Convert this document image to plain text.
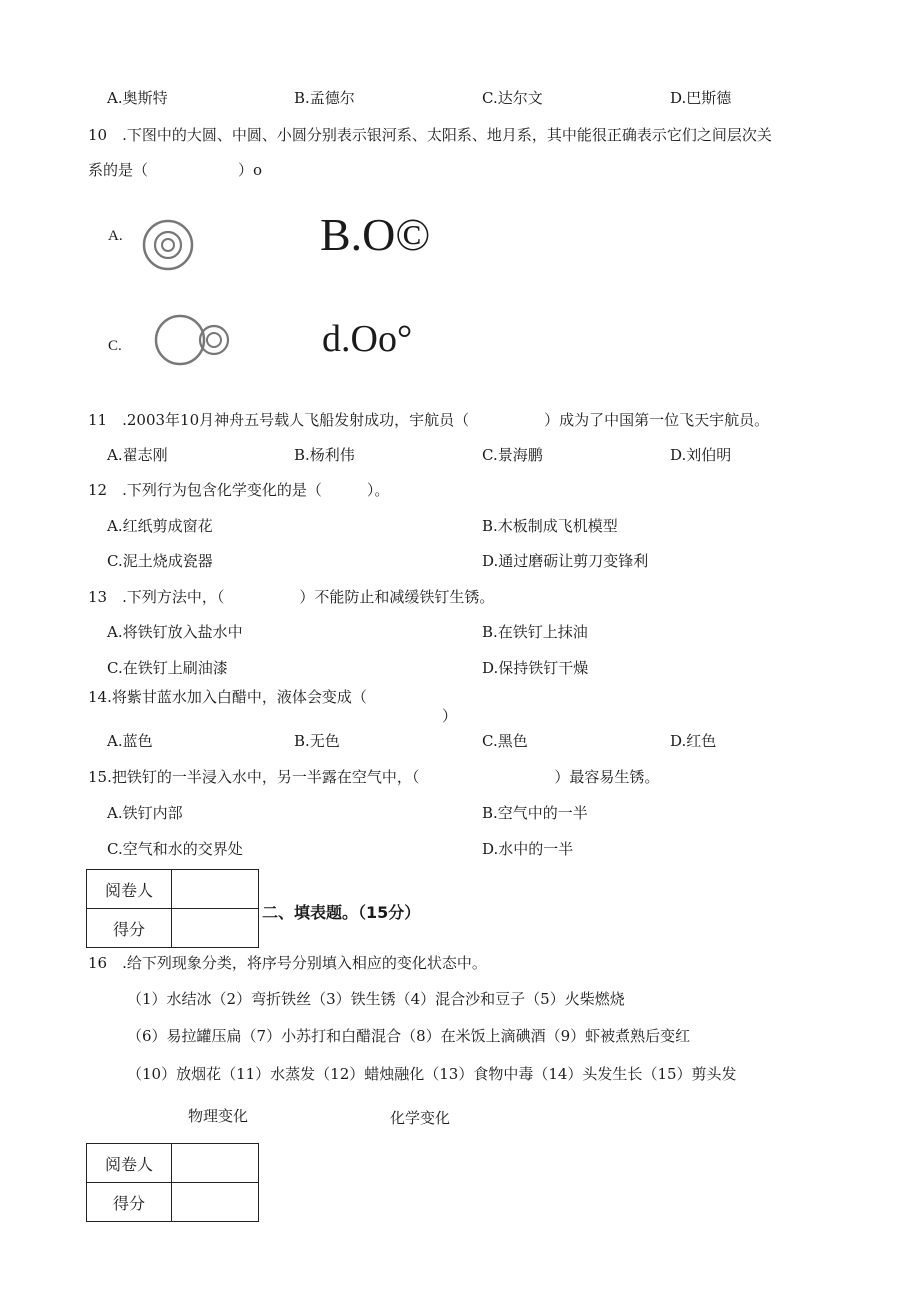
A.奥斯特	B.孟德尔	C.达尔文	D.巴斯德
10　.下图中的大圆、中圆、小圆分别表示银河系、太阳系、地月系，其中能很正确表示它们之间层次关
系的是（　　　　　　）o
A.	B.O©
C.	d.Oo°
11　.2003年10月神舟五号载人飞船发射成功，宇航员（　　　　　）成为了中国第一位飞天宇航员。
A.翟志刚	B.杨利伟	C.景海鹏	D.刘伯明
12　.下列行为包含化学变化的是（　　　）。
A.红纸剪成窗花	B.木板制成飞机模型
C.泥土烧成瓷器	D.通过磨砺让剪刀变锋利
13　.下列方法中，（　　　　　）不能防止和减缓铁钉生锈。
A.将铁钉放入盐水中	B.在铁钉上抹油
C.在铁钉上刷油漆	D.保持铁钉干燥
14.将紫甘蓝水加入白醋中，液体会变成（
）
A.蓝色	B.无色	C.黑色	D.红色
15.把铁钉的一半浸入水中，另一半露在空气中，（　　　　　　　　　）最容易生锈。
A.铁钉内部	B.空气中的一半
C.空气和水的交界处	D.水中的一半
阅卷人	
得分	
二、填表题。（15分）
16　.给下列现象分类，将序号分别填入相应的变化状态中。
（1）水结冰（2）弯折铁丝（3）铁生锈（4）混合沙和豆子（5）火柴燃烧
（6）易拉罐压扁（7）小苏打和白醋混合（8）在米饭上滴碘酒（9）虾被煮熟后变红
（10）放烟花（11）水蒸发（12）蜡烛融化（13）食物中毒（14）头发生长（15）剪头发
物理变化	化学变化
阅卷人	
得分	
